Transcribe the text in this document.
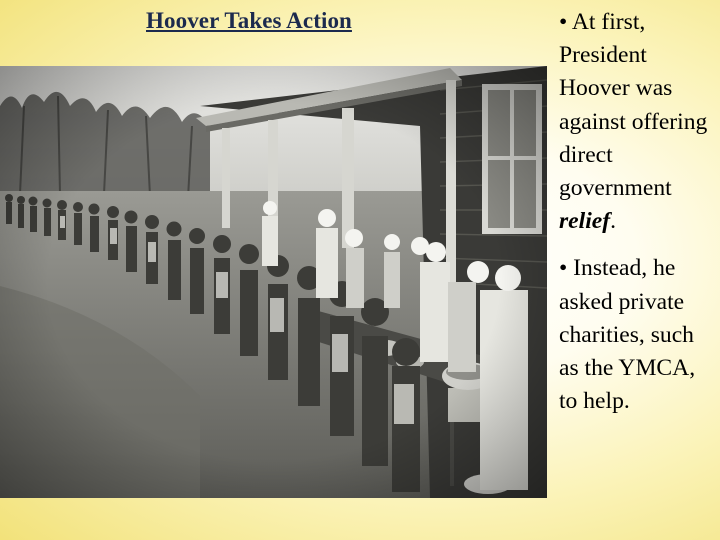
Hoover Takes Action	• At first, President Hoover was against offering direct government relief.

• Instead, he asked private charities, such as the YMCA, to help.
